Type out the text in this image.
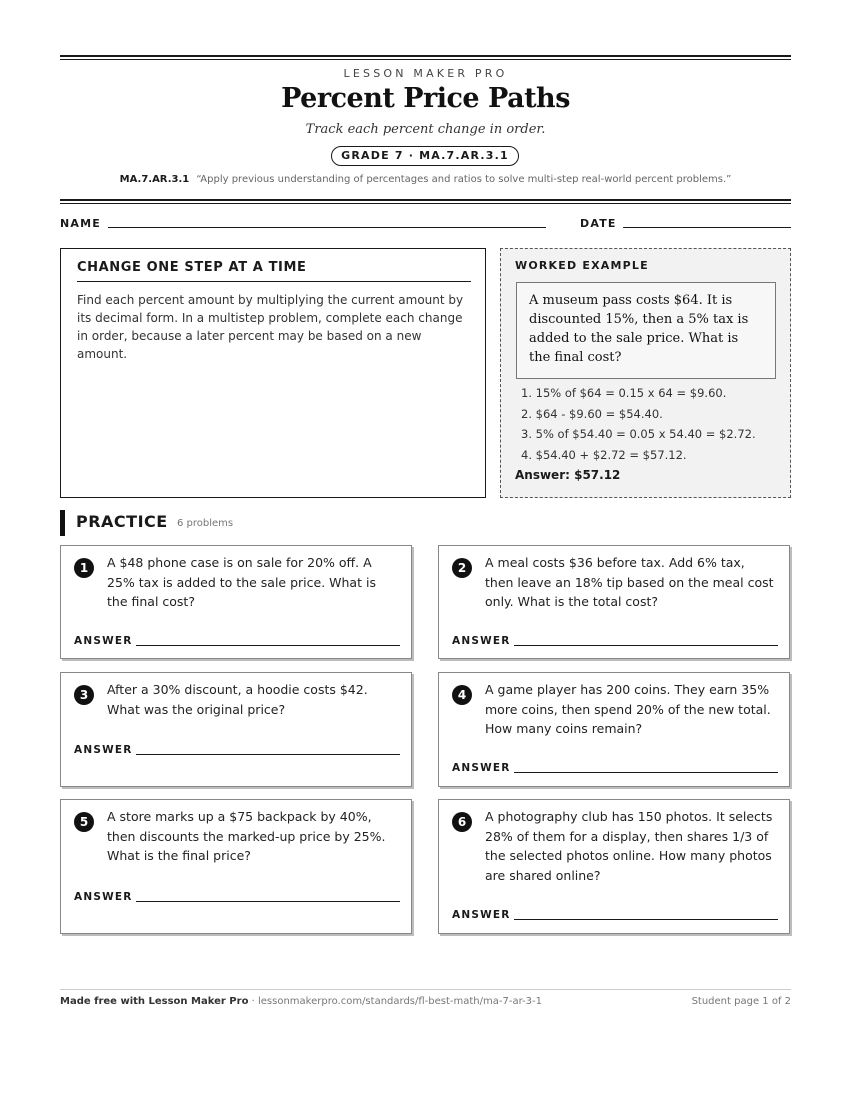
LESSON MAKER PRO
Percent Price Paths
Track each percent change in order.
GRADE 7 · MA.7.AR.3.1
MA.7.AR.3.1 “Apply previous understanding of percentages and ratios to solve multi-step real-world percent problems.”
NAME	DATE
CHANGE ONE STEP AT A TIME
Find each percent amount by multiplying the current amount by its decimal form. In a multistep problem, complete each change in order, because a later percent may be based on a new amount.
WORKED EXAMPLE
A museum pass costs $64. It is discounted 15%, then a 5% tax is added to the sale price. What is the final cost?
1. 15% of $64 = 0.15 x 64 = $9.60.
2. $64 - $9.60 = $54.40.
3. 5% of $54.40 = 0.05 x 54.40 = $2.72.
4. $54.40 + $2.72 = $57.12.
Answer: $57.12
PRACTICE 6 problems
1	A $48 phone case is on sale for 20% off. A 25% tax is added to the sale price. What is the final cost?
ANSWER
2	A meal costs $36 before tax. Add 6% tax, then leave an 18% tip based on the meal cost only. What is the total cost?
ANSWER
3	After a 30% discount, a hoodie costs $42. What was the original price?
ANSWER
4	A game player has 200 coins. They earn 35% more coins, then spend 20% of the new total. How many coins remain?
ANSWER
5	A store marks up a $75 backpack by 40%, then discounts the marked-up price by 25%. What is the final price?
ANSWER
6	A photography club has 150 photos. It selects 28% of them for a display, then shares 1/3 of the selected photos online. How many photos are shared online?
ANSWER
Made free with Lesson Maker Pro · lessonmakerpro.com/standards/fl-best-math/ma-7-ar-3-1	Student page 1 of 2
